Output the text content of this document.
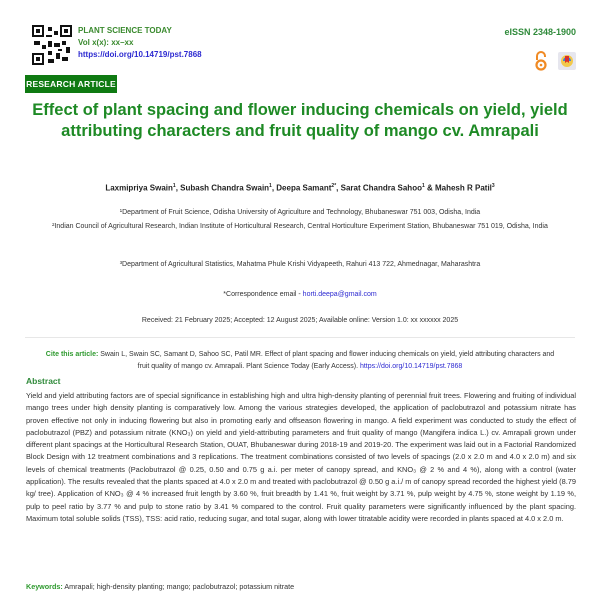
PLANT SCIENCE TODAY
Vol x(x): xx–xx
https://doi.org/10.14719/pst.7868
eISSN 2348-1900
RESEARCH ARTICLE
Effect of plant spacing and flower inducing chemicals on yield, yield attributing characters and fruit quality of mango cv. Amrapali
Laxmipriya Swain$^1$, Subash Chandra Swain$^1$, Deepa Samant$^{2*}$, Sarat Chandra Sahoo$^1$ & Mahesh R Patil$^3$
¹Department of Fruit Science, Odisha University of Agriculture and Technology, Bhubaneswar 751 003, Odisha, India
²Indian Council of Agricultural Research, Indian Institute of Horticultural Research, Central Horticulture Experiment Station, Bhubaneswar 751 019, Odisha, India
³Department of Agricultural Statistics, Mahatma Phule Krishi Vidyapeeth, Rahuri 413 722, Ahmednagar, Maharashtra
*Correspondence email - horti.deepa@gmail.com
Received: 21 February 2025; Accepted: 12 August 2025; Available online: Version 1.0: xx xxxxxx 2025
Cite this article: Swain L, Swain SC, Samant D, Sahoo SC, Patil MR. Effect of plant spacing and flower inducing chemicals on yield, yield attributing characters and fruit quality of mango cv. Amrapali. Plant Science Today (Early Access). https://doi.org/10.14719/pst.7868
Abstract
Yield and yield attributing factors are of special significance in establishing high and ultra high-density planting of perennial fruit trees. Flowering and fruiting of individual mango trees under high density planting is comparatively low. Among the various strategies developed, the application of paclobutrazol and potassium nitrate has proven effective not only in inducing flowering but also in promoting early and offseason flowering in mango. A field experiment was conducted to study the effect of paclobutrazol (PBZ) and potassium nitrate (KNO₃) on yield and yield-attributing parameters and fruit quality of mango (Mangifera indica L.) cv. Amrapali grown under different plant spacings at the Horticultural Research Station, OUAT, Bhubaneswar during 2018-19 and 2019-20. The experiment was laid out in a Factorial Randomized Block Design with 12 treatment combinations and 3 replications. The treatment combinations consisted of two levels of spacings (2.0 x 2.0 m and 4.0 x 2.0 m) and six levels of chemical treatments (Paclobutrazol @ 0.25, 0.50 and 0.75 g a.i. per meter of canopy spread, and KNO₃ @ 2 % and 4 %), along with a control (water application). The results revealed that the plants spaced at 4.0 x 2.0 m and treated with paclobutrazol @ 0.50 g a.i./ m of canopy spread recorded the highest yield (8.79 kg/ tree). Application of KNO₃ @ 4 % increased fruit length by 3.60 %, fruit breadth by 1.41 %, fruit weight by 3.71 %, pulp weight by 4.75 %, stone weight by 1.19 %, pulp to peel ratio by 3.77 % and pulp to stone ratio by 3.41 % compared to the control. Fruit quality parameters were significantly influenced by the plant spacing. Maximum total soluble solids (TSS), TSS: acid ratio, reducing sugar, and total sugar, along with lower titratable acidity were recorded in plants spaced at 4.0 x 2.0 m.
Keywords: Amrapali; high-density planting; mango; paclobutrazol; potassium nitrate
